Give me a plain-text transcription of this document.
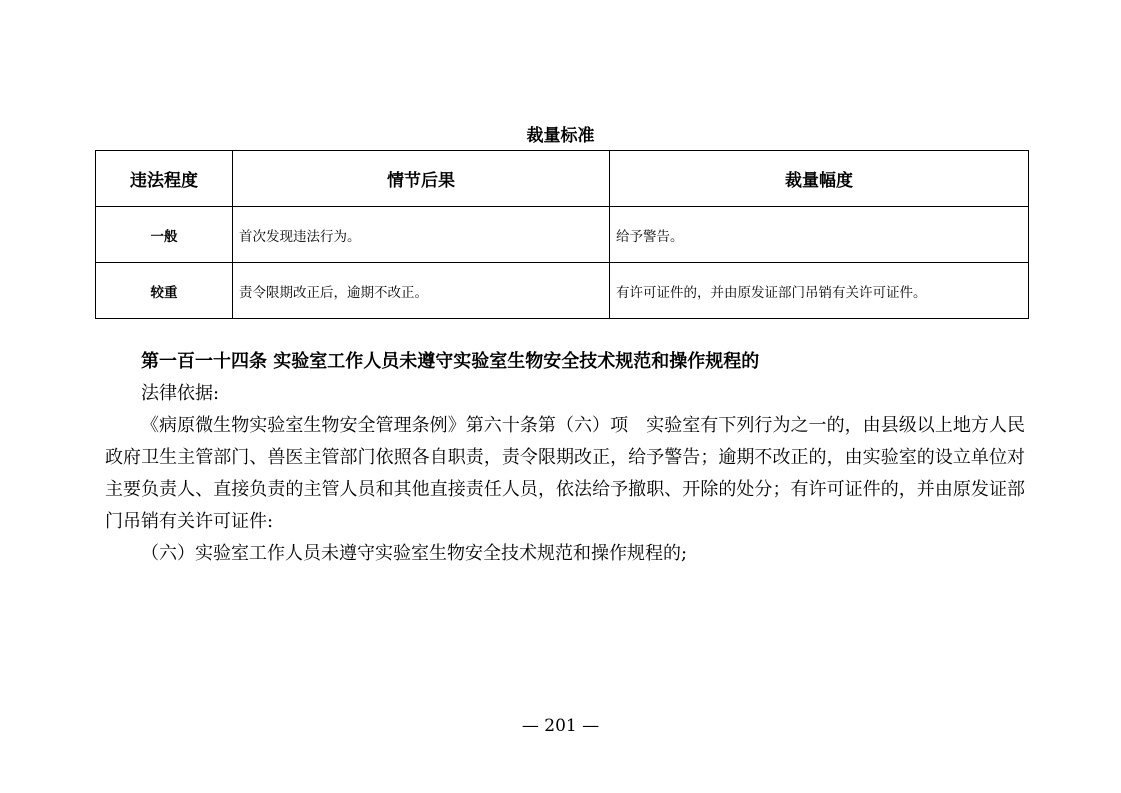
裁量标准
违法程度	情节后果	裁量幅度
一般	首次发现违法行为。	给予警告。
较重	责令限期改正后，逾期不改正。	有许可证件的，并由原发证部门吊销有关许可证件。

第一百一十四条 实验室工作人员未遵守实验室生物安全技术规范和操作规程的

法律依据:

《病原微生物实验室生物安全管理条例》第六十条第（六）项　实验室有下列行为之一的，由县级以上地方人民政府卫生主管部门、兽医主管部门依照各自职责，责令限期改正，给予警告；逾期不改正的，由实验室的设立单位对主要负责人、直接负责的主管人员和其他直接责任人员，依法给予撤职、开除的处分；有许可证件的，并由原发证部门吊销有关许可证件:

（六）实验室工作人员未遵守实验室生物安全技术规范和操作规程的;

— 201 —
